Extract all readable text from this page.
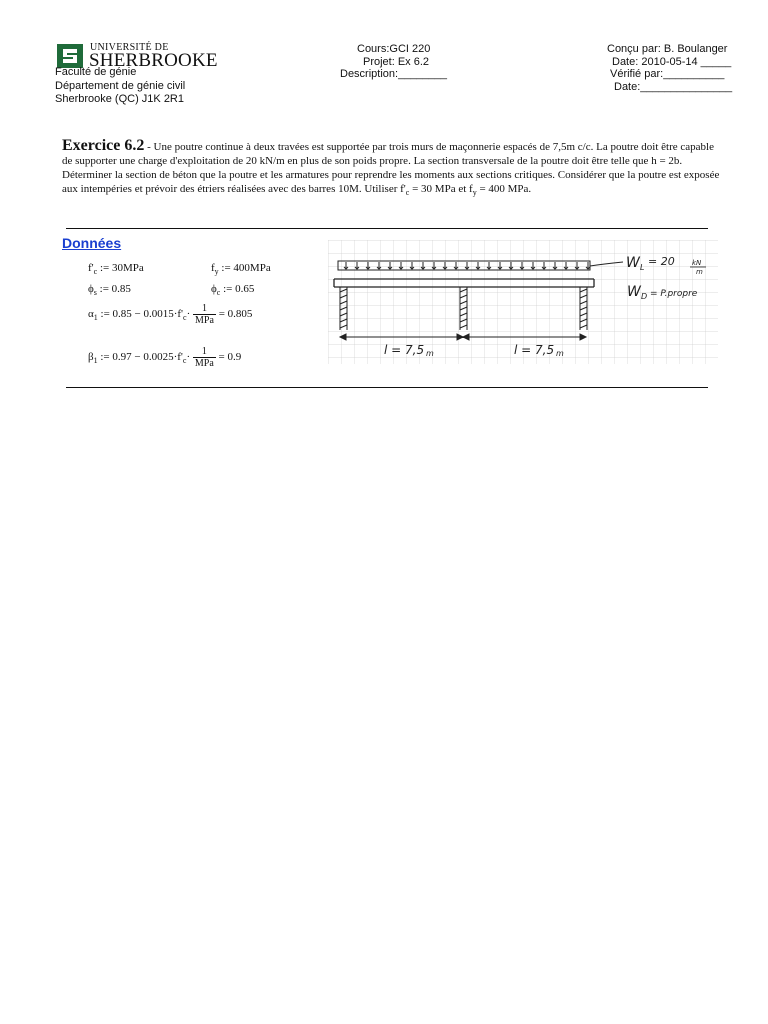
UNIVERSITÉ DE
SHERBROOKE
Faculté de génie
Département de génie civil
Sherbrooke (QC) J1K 2R1
Cours:GCI 220
Projet: Ex 6.2
Description:________
Conçu par: B. Boulanger
Date: 2010-05-14 _____
Vérifié par:__________
Date:_______________
Exercice 6.2 - Une poutre continue à deux travées est supportée par trois murs de maçonnerie espacés de 7,5m c/c. La poutre doit être capable de supporter une charge d'exploitation de 20 kN/m en plus de son poids propre. La section transversale de la poutre doit être telle que h = 2b. Déterminer la section de béton que la poutre et les armatures pour reprendre les moments aux sections critiques. Considérer que la poutre est exposée aux intempéries et prévoir des étriers réalisées avec des barres 10M. Utiliser $f'_c = 30$ MPa et $f_y = 400$ MPa.
Données
$f'_c$ := 30MPa	$f_y$ := 400MPa
$\phi_s$ := 0.85	$\phi_c$ := 0.65
$\alpha_1$ := $0.85 - 0.0015\cdot f'_c\cdot \frac{1}{\text{MPa}} = 0.805$
$\beta_1$ := $0.97 - 0.0025\cdot f'_c\cdot \frac{1}{\text{MPa}} = 0.9$
W L = 20 kN
m
W D = P.propre
l = 7,5 m	l = 7,5 m
